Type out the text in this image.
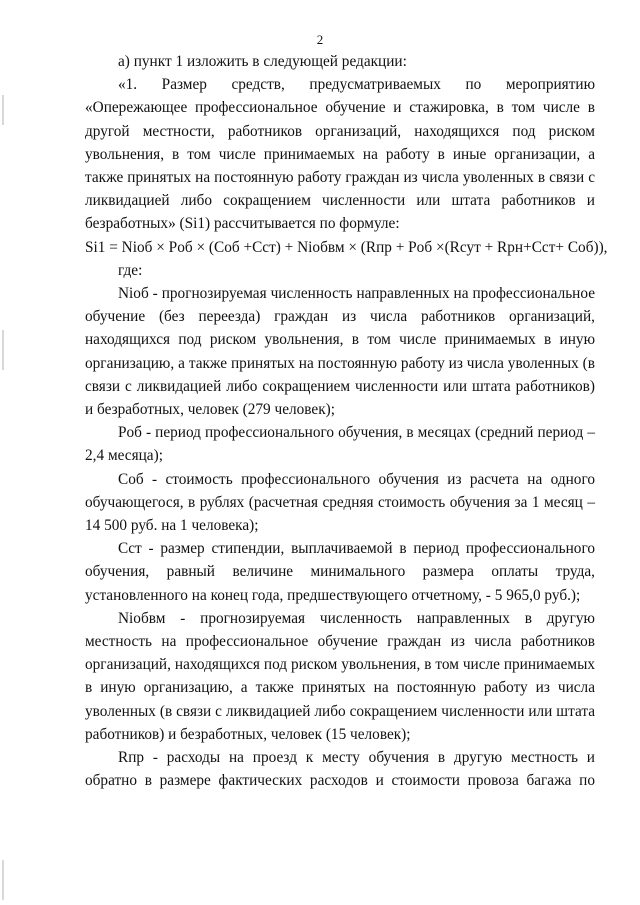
2

а) пункт 1 изложить в следующей редакции:

«1. Размер средств, предусматриваемых по мероприятию «Опережающее профессиональное обучение и стажировка, в том числе в другой местности, работников организаций, находящихся под риском увольнения, в том числе принимаемых на работу в иные организации, а также принятых на постоянную работу граждан из числа уволенных в связи с ликвидацией либо сокращением численности или штата работников и безработных» (Si1) рассчитывается по формуле:

Si1 = Nioб × Poб × (Coб +Cст) + Nioбвм × (Rпр + Poб ×(Rсут + Rрн+Cст+ Coб)),

где:

Nioб - прогнозируемая численность направленных на профессиональное обучение (без переезда) граждан из числа работников организаций, находящихся под риском увольнения, в том числе принимаемых в иную организацию, а также принятых на постоянную работу из числа уволенных (в связи с ликвидацией либо сокращением численности или штата работников) и безработных, человек (279 человек);

Poб - период профессионального обучения, в месяцах (средний период – 2,4 месяца);

Coб - стоимость профессионального обучения из расчета на одного обучающегося, в рублях (расчетная средняя стоимость обучения за 1 месяц – 14 500 руб. на 1 человека);

Cст - размер стипендии, выплачиваемой в период профессионального обучения, равный величине минимального размера оплаты труда, установленного на конец года, предшествующего отчетному, - 5 965,0 руб.);

Nioбвм - прогнозируемая численность направленных в другую местность на профессиональное обучение граждан из числа работников организаций, находящихся под риском увольнения, в том числе принимаемых в иную организацию, а также принятых на постоянную работу из числа уволенных (в связи с ликвидацией либо сокращением численности или штата работников) и безработных, человек (15 человек);

Rпр - расходы на проезд к месту обучения в другую местность и обратно в размере фактических расходов и стоимости провоза багажа по
